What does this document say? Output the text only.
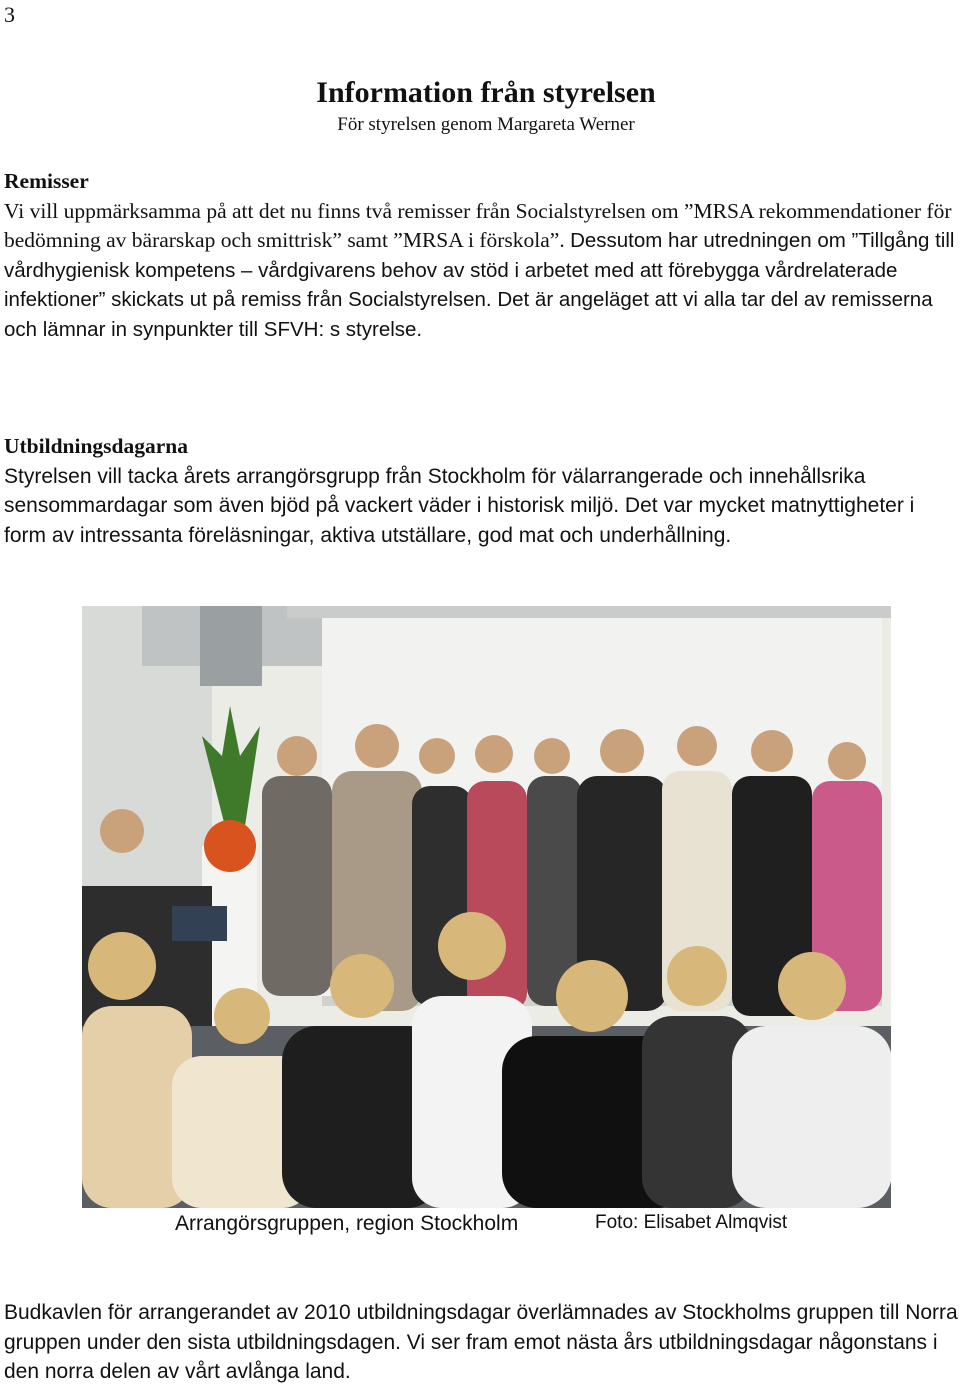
3
Information från styrelsen
För styrelsen genom Margareta Werner
Remisser

Vi vill uppmärksamma på att det nu finns två remisser från Socialstyrelsen om ”MRSA rekommendationer för bedömning av bärarskap och smittrisk” samt ”MRSA i förskola”. Dessutom har utredningen om ”Tillgång till vårdhygienisk kompetens – vårdgivarens behov av stöd i arbetet med att förebygga vårdrelaterade infektioner” skickats ut på remiss från Socialstyrelsen. Det är angeläget att vi alla tar del av remisserna och lämnar in synpunkter till SFVH: s styrelse.

Utbildningsdagarna

Styrelsen vill tacka årets arrangörsgrupp från Stockholm för välarrangerade och innehållsrika sensommardagar som även bjöd på vackert väder i historisk miljö. Det var mycket matnyttigheter i form av intressanta föreläsningar, aktiva utställare, god mat och underhållning.

Arrangörsgruppen, region Stockholm	Foto: Elisabet Almqvist

Budkavlen för arrangerandet av 2010 utbildningsdagar överlämnades av Stockholms gruppen till Norra gruppen under den sista utbildningsdagen. Vi ser fram emot nästa års utbildningsdagar någonstans i den norra delen av vårt avlånga land.
